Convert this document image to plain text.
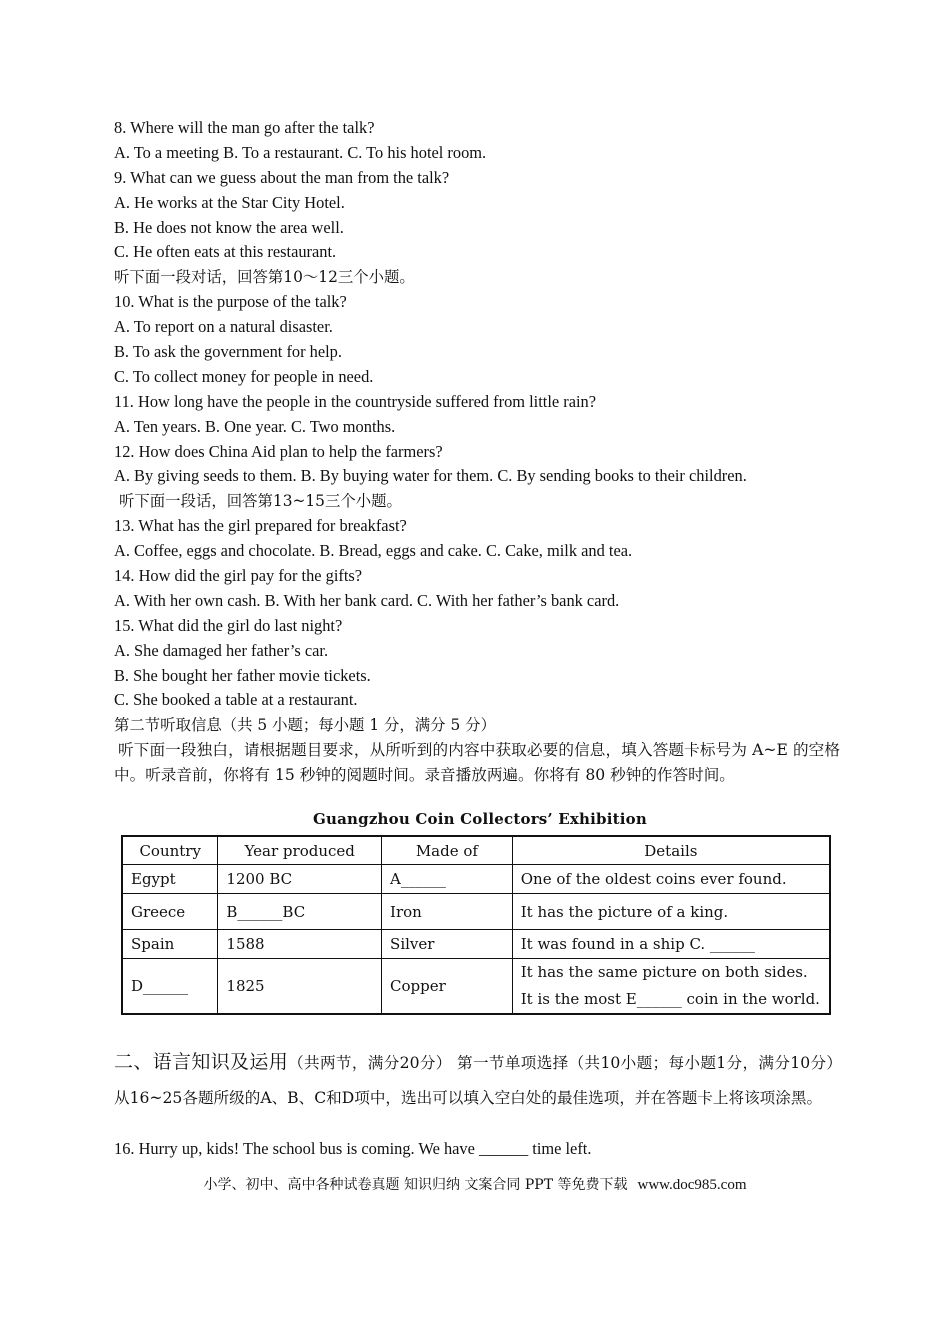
8. Where will the man go after the talk?
A. To a meeting B. To a restaurant. C. To his hotel room.
9. What can we guess about the man from the talk?
A. He works at the Star City Hotel.
B. He does not know the area well.
C. He often eats at this restaurant.
听下面一段对话，回答第10～12三个小题。
10. What is the purpose of the talk?
A. To report on a natural disaster.
B. To ask the government for help.
C. To collect money for people in need.
11. How long have the people in the countryside suffered from little rain?
A. Ten years. B. One year. C. Two months.
12. How does China Aid plan to help the farmers?
A. By giving seeds to them. B. By buying water for them. C. By sending books to their children.
听下面一段话，回答第13~15三个小题。
13. What has the girl prepared for breakfast?
A. Coffee, eggs and chocolate. B. Bread, eggs and cake. C. Cake, milk and tea.
14. How did the girl pay for the gifts?
A. With her own cash. B. With her bank card. C. With her father’s bank card.
15. What did the girl do last night?
A. She damaged her father’s car.
B. She bought her father movie tickets.
C. She booked a table at a restaurant.
第二节听取信息（共 5 小题；每小题 1 分，满分 5 分）
听下面一段独白，请根据题目要求，从所听到的内容中获取必要的信息，填入答题卡标号为 A~E 的空格中。听录音前，你将有 15 秒钟的阅题时间。录音播放两遍。你将有 80 秒钟的作答时间。
Guangzhou Coin Collectors’ Exhibition
Country	Year produced	Made of	Details
Egypt	1200 BC	A______	One of the oldest coins ever found.
Greece	B______BC	Iron	It has the picture of a king.
Spain	1588	Silver	It was found in a ship C. ______
D______	1825	Copper	It has the same picture on both sides. It is the most E______ coin in the world.
二、语言知识及运用（共两节，满分20分） 第一节单项选择（共10小题；每小题1分，满分10分） 从16~25各题所级的A、B、C和D项中，选出可以填入空白处的最佳选项，并在答题卡上将该项涂黑。
16. Hurry up, kids! The school bus is coming. We have ______ time left.
小学、初中、高中各种试卷真题 知识归纳 文案合同 PPT 等免费下载 www.doc985.com
